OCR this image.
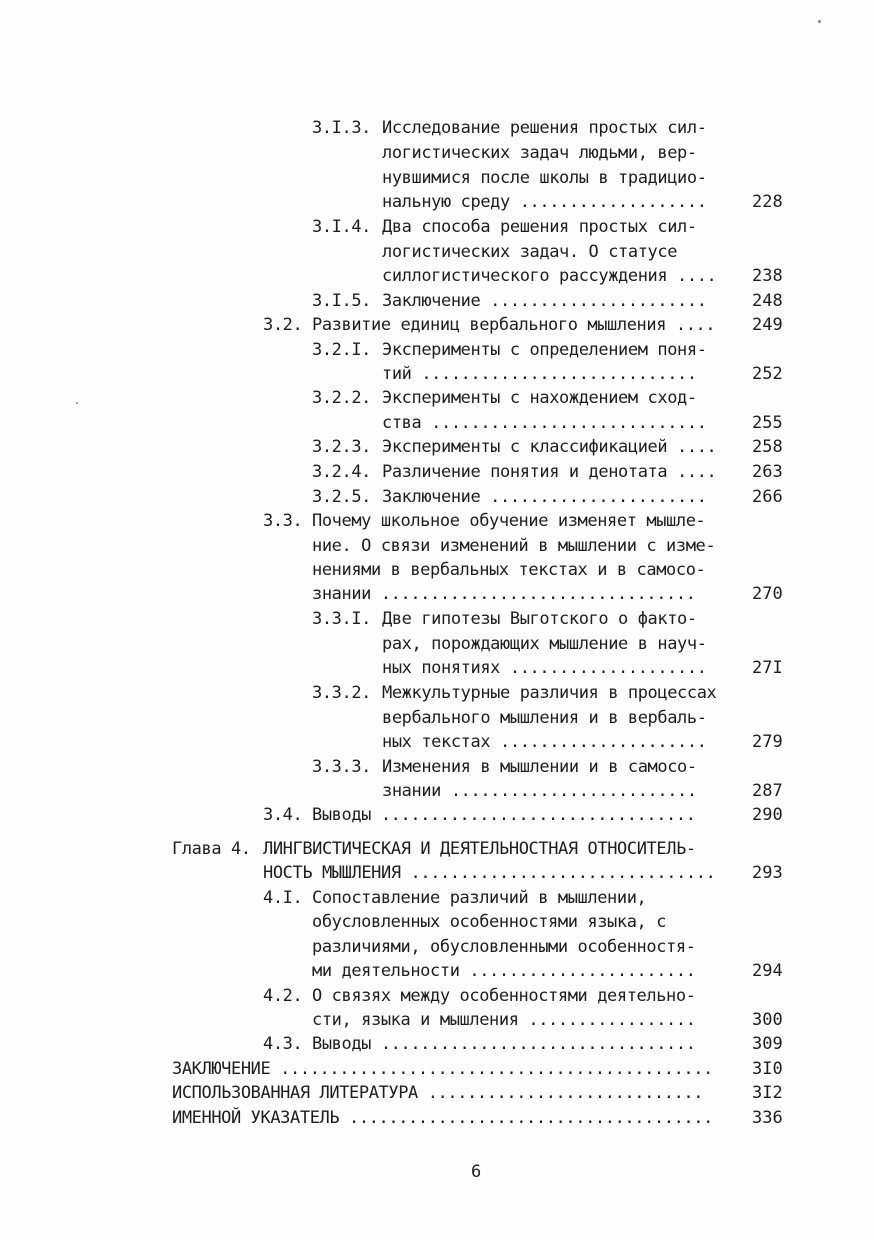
3.I.3. Исследование решения простых сил-
логистических задач людьми, вер-
нувшимися после школы в традицио-
нальную среду ...................	228
3.I.4. Два способа решения простых сил-
логистических задач. О статусе
силлогистического рассуждения .... 238
3.I.5. Заключение ......................	248
3.2. Развитие единиц вербального мышления .... 249
3.2.I. Эксперименты с определением поня-
тий ............................	252
3.2.2. Эксперименты с нахождением сход-
ства ............................	255
3.2.3. Эксперименты с классификацией .... 258
3.2.4. Различение понятия и денотата .... 263
3.2.5. Заключение ......................	266
3.3. Почему школьное обучение изменяет мышле-
ние. О связи изменений в мышлении с изме-
нениями в вербальных текстах и в самосо-
знании ................................	270
3.3.I. Две гипотезы Выготского о факто-
рах, порождающих мышление в науч-
ных понятиях ....................	27I
3.3.2. Межкультурные различия в процессах
вербального мышления и в вербаль-
ных текстах .....................	279
3.3.3. Изменения в мышлении и в самосо-
знании .........................	287
3.4. Выводы ................................	290
Глава 4. ЛИНГВИСТИЧЕСКАЯ И ДЕЯТЕЛЬНОСТНАЯ ОТНОСИТЕЛЬ-
НОСТЬ МЫШЛЕНИЯ ............................... 293
4.I. Сопоставление различий в мышлении,
обусловленных особенностями языка, с
различиями, обусловленными особенностя-
ми деятельности .......................	294
4.2. О связях между особенностями деятельно-
сти, языка и мышления .................	300
4.3. Выводы ................................	309
ЗАКЛЮЧЕНИЕ ............................................ 3I0
ИСПОЛЬЗОВАННАЯ ЛИТЕРАТУРА ............................	3I2
ИМЕННОЙ УКАЗАТЕЛЬ ..................................... 336
6
